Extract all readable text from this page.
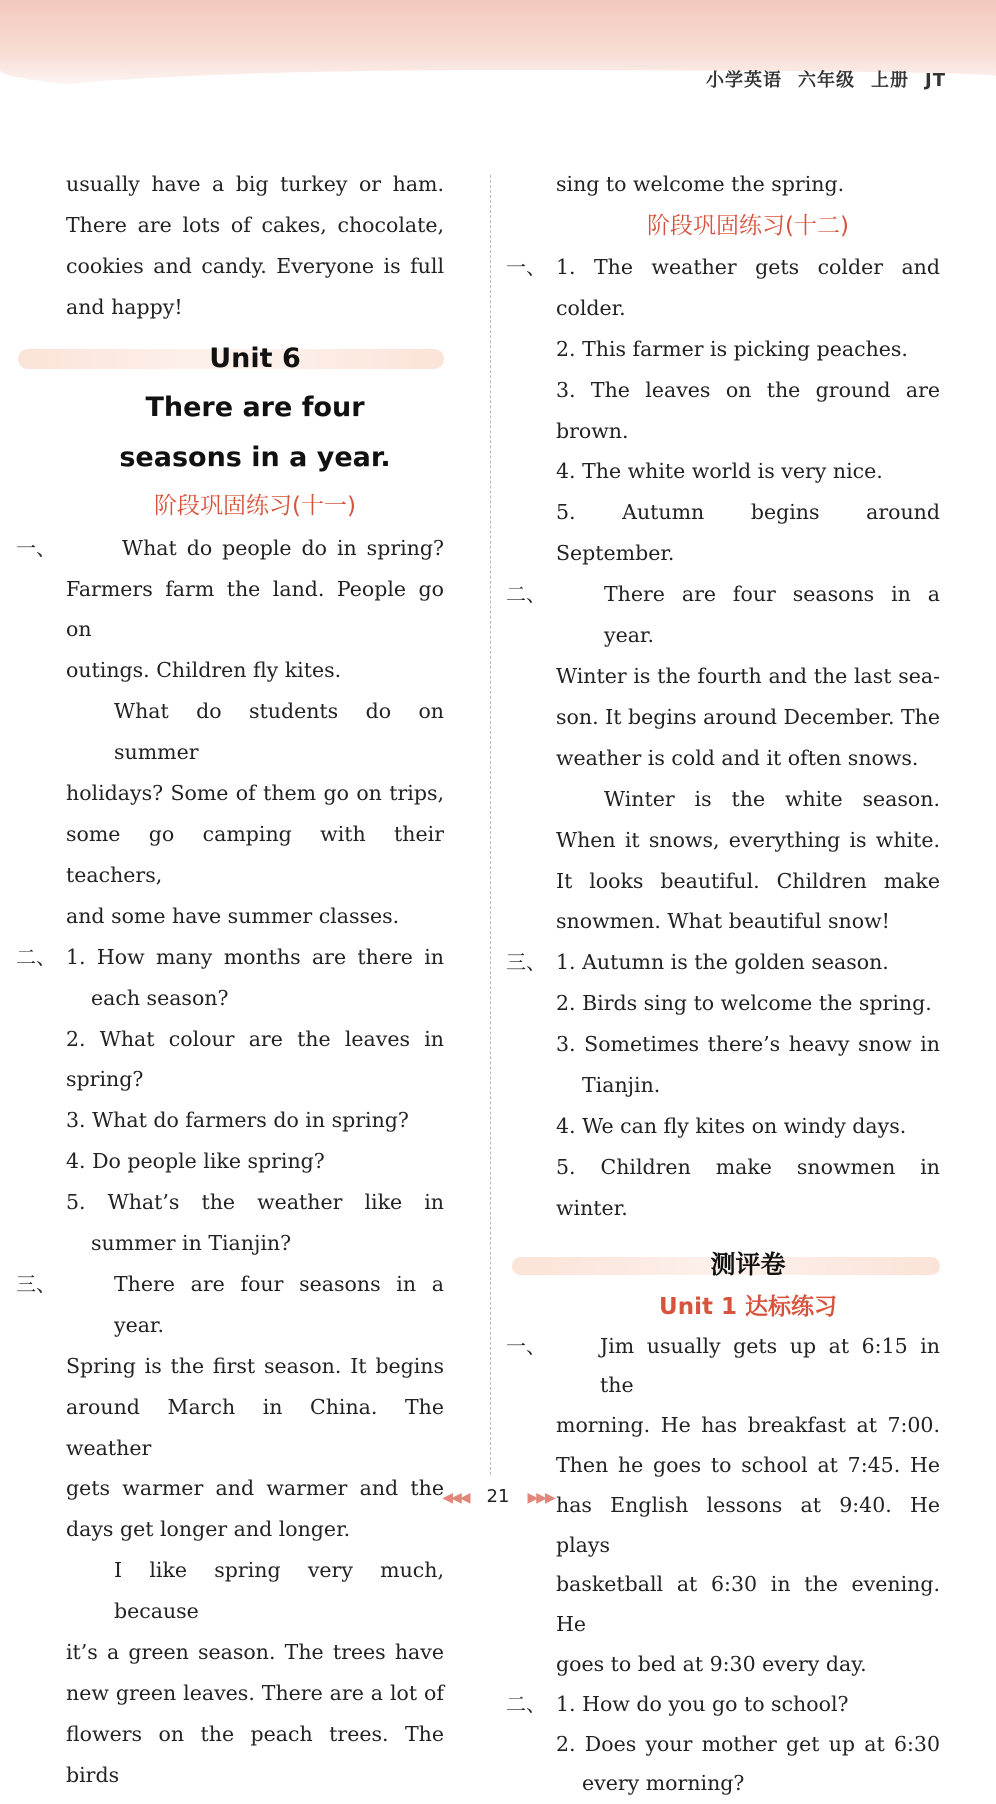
小学英语 六年级 上册 JT

usually have a big turkey or ham.

There are lots of cakes, chocolate,

cookies and candy. Everyone is full

and happy!

Unit 6

There are four

seasons in a year.

阶段巩固练习(十一)

一、	What do people do in spring?

Farmers farm the land. People go on

outings. Children fly kites.

What do students do on summer

holidays? Some of them go on trips,

some go camping with their teachers,

and some have summer classes.

二、 1. How many months are there in

each season?

2. What colour are the leaves in spring?

3. What do farmers do in spring?

4. Do people like spring?

5. What’s the weather like in

summer in Tianjin?

三、	There are four seasons in a year.

Spring is the first season. It begins

around March in China. The weather

gets warmer and warmer and the

days get longer and longer.

I like spring very much, because

it’s a green season. The trees have

new green leaves. There are a lot of

flowers on the peach trees. The birds

sing to welcome the spring.

阶段巩固练习(十二)

一、 1. The weather gets colder and colder.

2. This farmer is picking peaches.

3. The leaves on the ground are brown.

4. The white world is very nice.

5. Autumn begins around September.

二、	There are four seasons in a year.

Winter is the fourth and the last sea-

son. It begins around December. The

weather is cold and it often snows.

Winter is the white season.

When it snows, everything is white.

It looks beautiful. Children make

snowmen. What beautiful snow!

三、 1. Autumn is the golden season.

2. Birds sing to welcome the spring.

3. Sometimes there’s heavy snow in

Tianjin.

4. We can fly kites on windy days.

5. Children make snowmen in winter.

测评卷

Unit 1 达标练习

一、	Jim usually gets up at 6:15 in the

morning. He has breakfast at 7:00.

Then he goes to school at 7:45. He

has English lessons at 9:40. He plays

basketball at 6:30 in the evening. He

goes to bed at 9:30 every day.

二、 1. How do you go to school?

2. Does your mother get up at 6:30

every morning?

◀◀◀ 21 ▶▶▶
